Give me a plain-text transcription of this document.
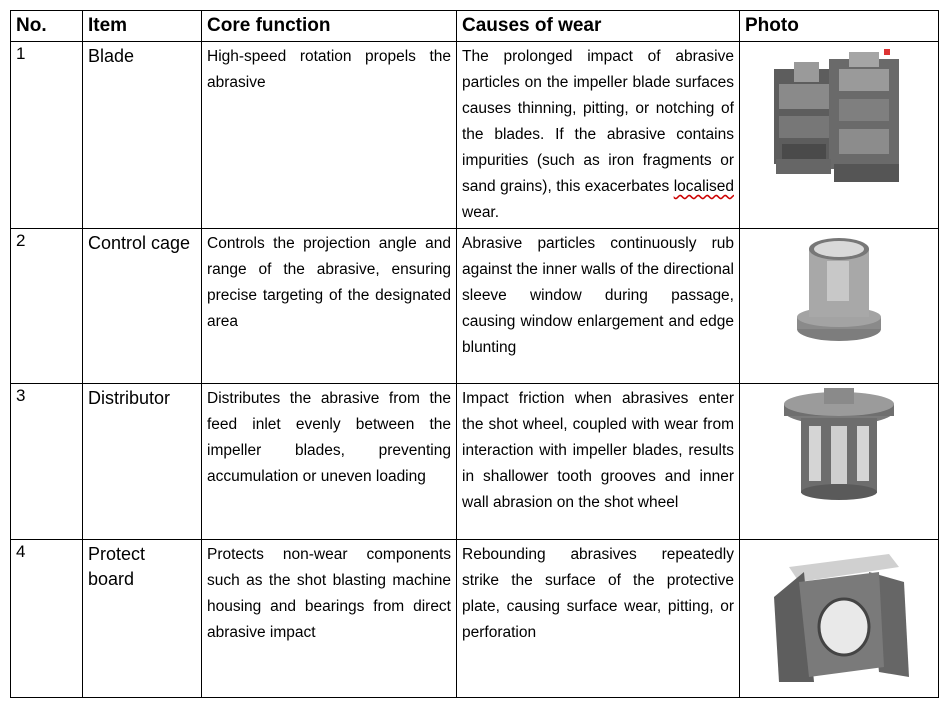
No.	Item	Core function	Causes of wear	Photo
1	Blade	High-speed rotation propels the abrasive	The prolonged impact of abrasive particles on the impeller blade surfaces causes thinning, pitting, or notching of the blades. If the abrasive contains impurities (such as iron fragments or sand grains), this exacerbates localised wear.	

2	Control cage	Controls the projection angle and range of the abrasive, ensuring precise targeting of the designated area	Abrasive particles continuously rub against the inner walls of the directional sleeve window during passage, causing window enlargement and edge blunting	

3	Distributor	Distributes the abrasive from the feed inlet evenly between the impeller blades, preventing accumulation or uneven loading	Impact friction when abrasives enter the shot wheel, coupled with wear from interaction with impeller blades, results in shallower tooth grooves and inner wall abrasion on the shot wheel	

4	Protect board	Protects non-wear components such as the shot blasting machine housing and bearings from direct abrasive impact	Rebounding abrasives repeatedly strike the surface of the protective plate, causing surface wear, pitting, or perforation	
